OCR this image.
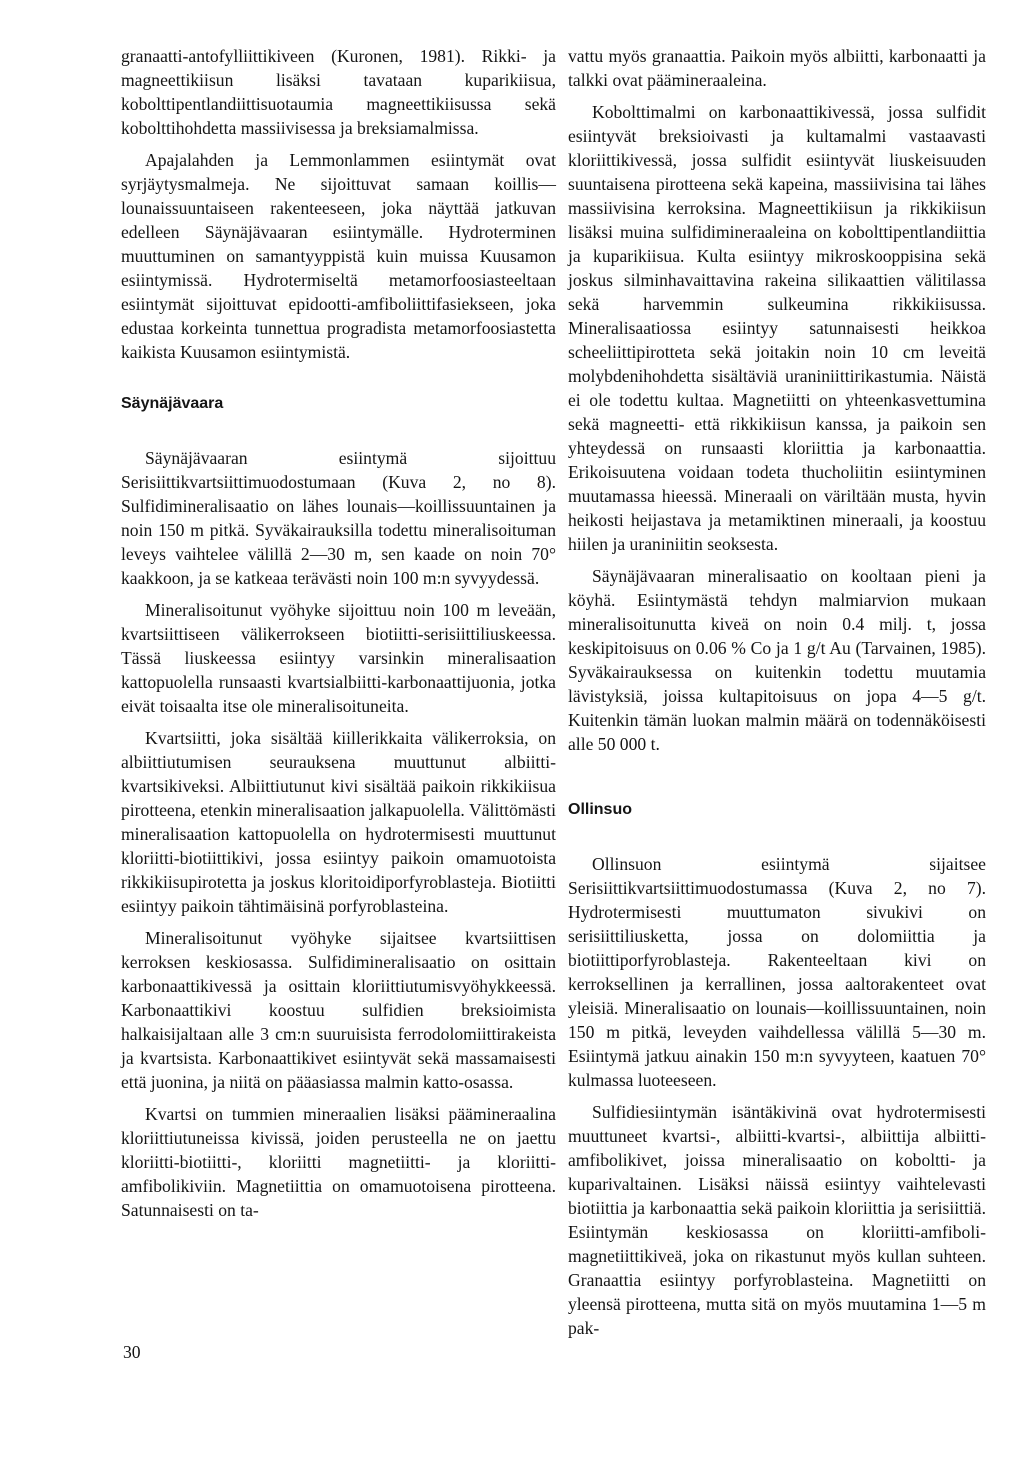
granaatti-antofylliittikiveen (Kuronen, 1981). Rikki- ja magneettikiisun lisäksi tavataan kuparikiisua, kobolttipentlandiittisuotaumia magneettikiisussa sekä kobolttihohdetta massiivisessa ja breksiamalmissa.

Apajalahden ja Lemmonlammen esiintymät ovat syrjäytysmalmeja. Ne sijoittuvat samaan koillis—lounaissuuntaiseen rakenteeseen, joka näyttää jatkuvan edelleen Säynäjävaaran esiintymälle. Hydroterminen muuttuminen on samantyyppistä kuin muissa Kuusamon esiintymissä. Hydrotermiseltä metamorfoosiasteeltaan esiintymät sijoittuvat epidootti-amfiboliittifasiekseen, joka edustaa korkeinta tunnettua progradista metamorfoosiastetta kaikista Kuusamon esiintymistä.

Säynäjävaara

Säynäjävaaran esiintymä sijoittuu Serisiittikvartsiittimuodostumaan (Kuva 2, no 8). Sulfidimineralisaatio on lähes lounais—koillissuuntainen ja noin 150 m pitkä. Syväkairauksilla todettu mineralisoituman leveys vaihtelee välillä 2—30 m, sen kaade on noin 70° kaakkoon, ja se katkeaa terävästi noin 100 m:n syvyydessä.

Mineralisoitunut vyöhyke sijoittuu noin 100 m leveään, kvartsiittiseen välikerrokseen biotiitti-serisiittiliuskeessa. Tässä liuskeessa esiintyy varsinkin mineralisaation kattopuolella runsaasti kvartsialbiitti-karbonaattijuonia, jotka eivät toisaalta itse ole mineralisoituneita.

Kvartsiitti, joka sisältää kiillerikkaita välikerroksia, on albiittiutumisen seurauksena muuttunut albiitti-kvartsikiveksi. Albiittiutunut kivi sisältää paikoin rikkikiisua pirotteena, etenkin mineralisaation jalkapuolella. Välittömästi mineralisaation kattopuolella on hydrotermisesti muuttunut kloriitti-biotiittikivi, jossa esiintyy paikoin omamuotoista rikkikiisupirotetta ja joskus kloritoidiporfyroblasteja. Biotiitti esiintyy paikoin tähtimäisinä porfyroblasteina.

Mineralisoitunut vyöhyke sijaitsee kvartsiittisen kerroksen keskiosassa. Sulfidimineralisaatio on osittain karbonaattikivessä ja osittain kloriittiutumisvyöhykkeessä. Karbonaattikivi koostuu sulfidien breksioimista halkaisijaltaan alle 3 cm:n suuruisista ferrodolomiittirakeista ja kvartsista. Karbonaattikivet esiintyvät sekä massamaisesti että juonina, ja niitä on pääasiassa malmin katto-osassa.

Kvartsi on tummien mineraalien lisäksi päämineraalina kloriittiutuneissa kivissä, joiden perusteella ne on jaettu kloriitti-biotiitti-, kloriitti magnetiitti- ja kloriitti-amfibolikiviin. Magnetiittia on omamuotoisena pirotteena. Satunnaisesti on ta-

vattu myös granaattia. Paikoin myös albiitti, karbonaatti ja talkki ovat päämineraaleina.

Kobolttimalmi on karbonaattikivessä, jossa sulfidit esiintyvät breksioivasti ja kultamalmi vastaavasti kloriittikivessä, jossa sulfidit esiintyvät liuskeisuuden suuntaisena pirotteena sekä kapeina, massiivisina tai lähes massiivisina kerroksina. Magneettikiisun ja rikkikiisun lisäksi muina sulfidimineraaleina on kobolttipentlandiittia ja kuparikiisua. Kulta esiintyy mikroskooppisina sekä joskus silminhavaittavina rakeina silikaattien välitilassa sekä harvemmin sulkeumina rikkikiisussa. Mineralisaatiossa esiintyy satunnaisesti heikkoa scheeliittipirotteta sekä joitakin noin 10 cm leveitä molybdenihohdetta sisältäviä uraniniittirikastumia. Näistä ei ole todettu kultaa. Magnetiitti on yhteenkasvettumina sekä magneetti- että rikkikiisun kanssa, ja paikoin sen yhteydessä on runsaasti kloriittia ja karbonaattia. Erikoisuutena voidaan todeta thucholiitin esiintyminen muutamassa hieessä. Mineraali on väriltään musta, hyvin heikosti heijastava ja metamiktinen mineraali, ja koostuu hiilen ja uraniniitin seoksesta.

Säynäjävaaran mineralisaatio on kooltaan pieni ja köyhä. Esiintymästä tehdyn malmiarvion mukaan mineralisoitunutta kiveä on noin 0.4 milj. t, jossa keskipitoisuus on 0.06 % Co ja 1 g/t Au (Tarvainen, 1985). Syväkairauksessa on kuitenkin todettu muutamia lävistyksiä, joissa kultapitoisuus on jopa 4—5 g/t. Kuitenkin tämän luokan malmin määrä on todennäköisesti alle 50 000 t.

Ollinsuo

Ollinsuon esiintymä sijaitsee Serisiittikvartsiittimuodostumassa (Kuva 2, no 7). Hydrotermisesti muuttumaton sivukivi on serisiittiliusketta, jossa on dolomiittia ja biotiittiporfyroblasteja. Rakenteeltaan kivi on kerroksellinen ja kerrallinen, jossa aaltorakenteet ovat yleisiä. Mineralisaatio on lounais—koillissuuntainen, noin 150 m pitkä, leveyden vaihdellessa välillä 5—30 m. Esiintymä jatkuu ainakin 150 m:n syvyyteen, kaatuen 70° kulmassa luoteeseen.

Sulfidiesiintymän isäntäkivinä ovat hydrotermisesti muuttuneet kvartsi-, albiitti-kvartsi-, albiittija albiitti-amfibolikivet, joissa mineralisaatio on koboltti- ja kuparivaltainen. Lisäksi näissä esiintyy vaihtelevasti biotiittia ja karbonaattia sekä paikoin kloriittia ja serisiittiä. Esiintymän keskiosassa on kloriitti-amfiboli-magnetiittikiveä, joka on rikastunut myös kullan suhteen. Granaattia esiintyy porfyroblasteina. Magnetiitti on yleensä pirotteena, mutta sitä on myös muutamina 1—5 m pak-

30
